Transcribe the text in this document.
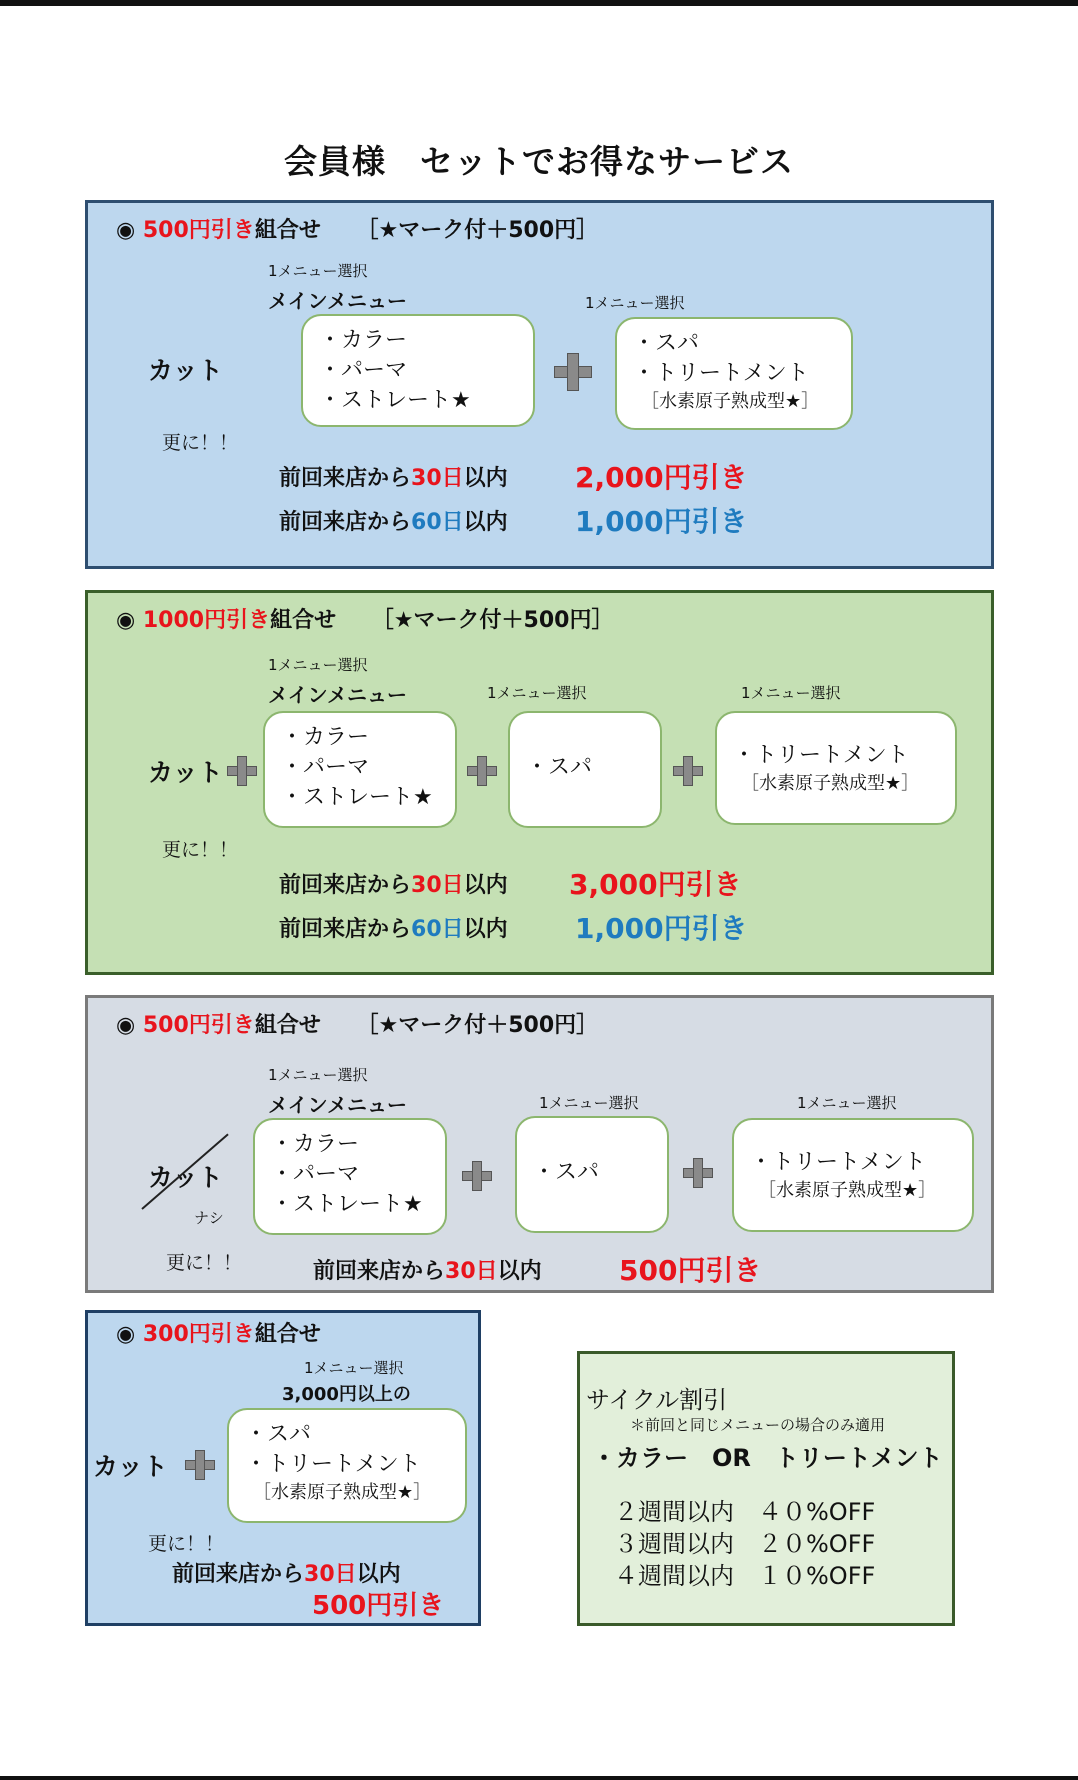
会員様　セットでお得なサービス
◉ 500円引き組合せ ［★マーク付＋500円］
1メニュー選択
メインメニュー	1メニュー選択
カット
・カラー
・パーマ
・ストレート★
・スパ
・トリートメント
［水素原子熟成型★］
更に！！
前回来店から30日以内 2,000円引き
前回来店から60日以内 1,000円引き
◉ 1000円引き組合せ ［★マーク付＋500円］
1メニュー選択
メインメニュー	1メニュー選択	1メニュー選択
カット
・カラー
・パーマ
・ストレート★
・スパ	・トリートメント
［水素原子熟成型★］
更に！！
前回来店から30日以内 3,000円引き
前回来店から60日以内 1,000円引き
◉ 500円引き組合せ ［★マーク付＋500円］
1メニュー選択
メインメニュー	1メニュー選択	1メニュー選択
カット
ナシ
・カラー
・パーマ
・ストレート★
・スパ	・トリートメント
［水素原子熟成型★］
更に！！	前回来店から30日以内	500円引き
◉ 300円引き組合せ
1メニュー選択
3,000円以上の
カット
・スパ
・トリートメント
［水素原子熟成型★］
更に！！
前回来店から30日以内
500円引き
サイクル割引
＊前回と同じメニューの場合のみ適用
・カラー　OR　トリートメント
２週間以内　 ４０%OFF
３週間以内　 ２０%OFF
４週間以内　 １０%OFF
